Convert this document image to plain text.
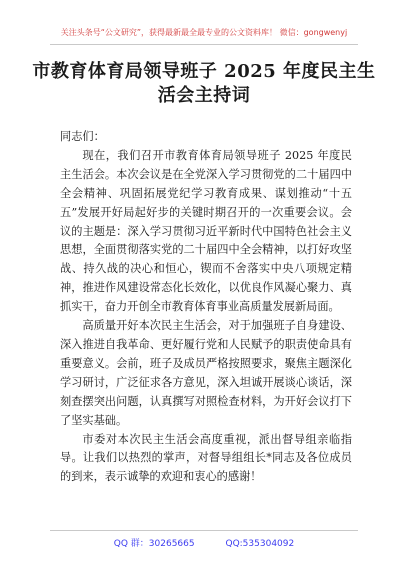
关注头条号“公文研究”，获得最新最全最专业的公文资料库！ 微信：gongwenyj
市教育体育局领导班子 2025 年度民主生
活会主持词

同志们：

现在，我们召开市教育体育局领导班子 2025 年度民主生活会。本次会议是在全党深入学习贯彻党的二十届四中全会精神、巩固拓展党纪学习教育成果、谋划推动“十五五”发展开好局起好步的关键时期召开的一次重要会议。会议的主题是：深入学习贯彻习近平新时代中国特色社会主义思想，全面贯彻落实党的二十届四中全会精神，以打好攻坚战、持久战的决心和恒心，锲而不舍落实中央八项规定精神，推进作风建设常态化长效化，以优良作风凝心聚力、真抓实干，奋力开创全市教育体育事业高质量发展新局面。

高质量开好本次民主生活会，对于加强班子自身建设、深入推进自我革命、更好履行党和人民赋予的职责使命具有重要意义。会前，班子及成员严格按照要求，聚焦主题深化学习研讨，广泛征求各方意见，深入坦诚开展谈心谈话，深刻查摆突出问题，认真撰写对照检查材料，为开好会议打下了坚实基础。

市委对本次民主生活会高度重视，派出督导组亲临指导。让我们以热烈的掌声，对督导组组长*同志及各位成员的到来，表示诚挚的欢迎和衷心的感谢！

QQ 群：30265665	QQ:535304092
